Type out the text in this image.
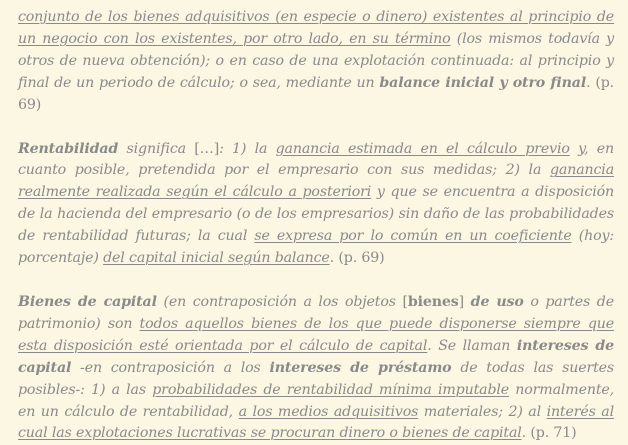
conjunto de los bienes adquisitivos (en especie o dinero) existentes al principio de un negocio con los existentes, por otro lado, en su término (los mismos todavía y otros de nueva obtención); o en caso de una explotación continuada: al principio y final de un periodo de cálculo; o sea, mediante un balance inicial y otro final. (p. 69)

Rentabilidad significa […]: 1) la ganancia estimada en el cálculo previo y, en cuanto posible, pretendida por el empresario con sus medidas; 2) la ganancia realmente realizada según el cálculo a posteriori y que se encuentra a disposición de la hacienda del empresario (o de los empresarios) sin daño de las probabilidades de rentabilidad futuras; la cual se expresa por lo común en un coeficiente (hoy: porcentaje) del capital inicial según balance. (p. 69)

Bienes de capital (en contraposición a los objetos [bienes] de uso o partes de patrimonio) son todos aquellos bienes de los que puede disponerse siempre que esta disposición esté orientada por el cálculo de capital. Se llaman intereses de capital -en contraposición a los intereses de préstamo de todas las suertes posibles-: 1) a las probabilidades de rentabilidad mínima imputable normalmente, en un cálculo de rentabilidad, a los medios adquisitivos materiales; 2) al interés al cual las explotaciones lucrativas se procuran dinero o bienes de capital. (p. 71)
